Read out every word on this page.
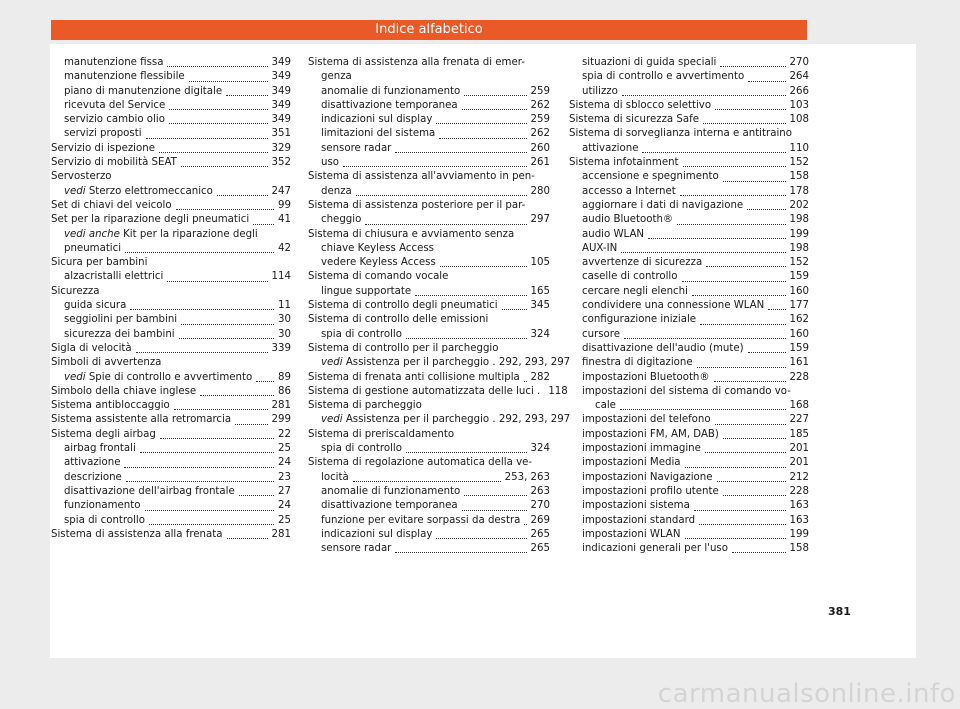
Indice alfabetico
manutenzione fissa	349
manutenzione flessibile	349
piano di manutenzione digitale	349
ricevuta del Service	349
servizio cambio olio	349
servizi proposti	351
Servizio di ispezione	329
Servizio di mobilità SEAT	352
Servosterzo
vedi Sterzo elettromeccanico	247
Set di chiavi del veicolo	99
Set per la riparazione degli pneumatici	41
vedi anche Kit per la riparazione degli
pneumatici	42
Sicura per bambini
alzacristalli elettrici	114
Sicurezza
guida sicura	11
seggiolini per bambini	30
sicurezza dei bambini	30
Sigla di velocità	339
Simboli di avvertenza
vedi Spie di controllo e avvertimento	89
Simbolo della chiave inglese	86
Sistema antibloccaggio	281
Sistema assistente alla retromarcia	299
Sistema degli airbag	22
airbag frontali	25
attivazione	24
descrizione	23
disattivazione dell'airbag frontale	27
funzionamento	24
spia di controllo	25
Sistema di assistenza alla frenata	281
Sistema di assistenza alla frenata di emer-
genza
anomalie di funzionamento	259
disattivazione temporanea	262
indicazioni sul display	259
limitazioni del sistema	262
sensore radar	260
uso	261
Sistema di assistenza all'avviamento in pen-
denza	280
Sistema di assistenza posteriore per il par-
cheggio	297
Sistema di chiusura e avviamento senza
chiave Keyless Access
vedere Keyless Access	105
Sistema di comando vocale
lingue supportate	165
Sistema di controllo degli pneumatici	345
Sistema di controllo delle emissioni
spia di controllo	324
Sistema di controllo per il parcheggio
vedi Assistenza per il parcheggio . 292, 293, 297
Sistema di frenata anti collisione multipla 282
Sistema di gestione automatizzata delle luci . 118
Sistema di parcheggio
vedi Assistenza per il parcheggio . 292, 293, 297
Sistema di preriscaldamento
spia di controllo	324
Sistema di regolazione automatica della ve-
locità	253, 263
anomalie di funzionamento	263
disattivazione temporanea	270
funzione per evitare sorpassi da destra 269
indicazioni sul display	265
sensore radar	265
situazioni di guida speciali	270
spia di controllo e avvertimento	264
utilizzo	266
Sistema di sblocco selettivo	103
Sistema di sicurezza Safe	108
Sistema di sorveglianza interna e antitraino
attivazione	110
Sistema infotainment	152
accensione e spegnimento	158
accesso a Internet	178
aggiornare i dati di navigazione	202
audio Bluetooth®	198
audio WLAN	199
AUX-IN	198
avvertenze di sicurezza	152
caselle di controllo	159
cercare negli elenchi	160
condividere una connessione WLAN 177
configurazione iniziale	162
cursore	160
disattivazione dell'audio (mute)	159
finestra di digitazione	161
impostazioni Bluetooth®	228
impostazioni del sistema di comando vo-
cale	168
impostazioni del telefono	227
impostazioni FM, AM, DAB)	185
impostazioni immagine	201
impostazioni Media	201
impostazioni Navigazione	212
impostazioni profilo utente	228
impostazioni sistema	163
impostazioni standard	163
impostazioni WLAN	199
indicazioni generali per l'uso	158
381
carmanualsonline.info
